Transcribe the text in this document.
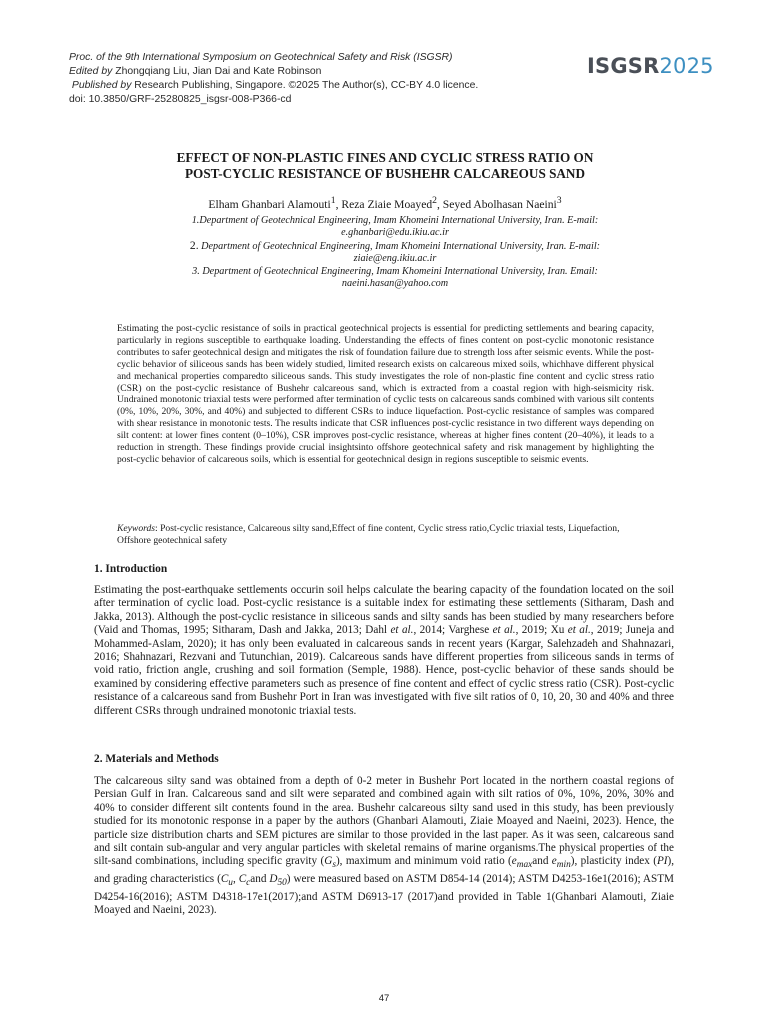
Proc. of the 9th International Symposium on Geotechnical Safety and Risk (ISGSR)
Edited by Zhongqiang Liu, Jian Dai and Kate Robinson
Published by Research Publishing, Singapore. ©2025 The Author(s), CC-BY 4.0 licence.
doi: 10.3850/GRF-25280825_isgsr-008-P366-cd
ISGSR2025
EFFECT OF NON-PLASTIC FINES AND CYCLIC STRESS RATIO ON
POST-CYCLIC RESISTANCE OF BUSHEHR CALCAREOUS SAND
Elham Ghanbari Alamouti$^1$, Reza Ziaie Moayed$^2$, Seyed Abolhasan Naeini$^3$
1.Department of Geotechnical Engineering, Imam Khomeini International University, Iran. E-mail:
e.ghanbari@edu.ikiu.ac.ir
2. Department of Geotechnical Engineering, Imam Khomeini International University, Iran. E-mail:
ziaie@eng.ikiu.ac.ir
3. Department of Geotechnical Engineering, Imam Khomeini International University, Iran. Email:
naeini.hasan@yahoo.com
Estimating the post-cyclic resistance of soils in practical geotechnical projects is essential for predicting settlements and bearing capacity, particularly in regions susceptible to earthquake loading. Understanding the effects of fines content on post-cyclic monotonic resistance contributes to safer geotechnical design and mitigates the risk of foundation failure due to strength loss after seismic events. While the post-cyclic behavior of siliceous sands has been widely studied, limited research exists on calcareous mixed soils, whichhave different physical and mechanical properties comparedto siliceous sands. This study investigates the role of non-plastic fine content and cyclic stress ratio (CSR) on the post-cyclic resistance of Bushehr calcareous sand, which is extracted from a coastal region with high-seismicity risk. Undrained monotonic triaxial tests were performed after termination of cyclic tests on calcareous sands combined with various silt contents (0%, 10%, 20%, 30%, and 40%) and subjected to different CSRs to induce liquefaction. Post-cyclic resistance of samples was compared with shear resistance in monotonic tests. The results indicate that CSR influences post-cyclic resistance in two different ways depending on silt content: at lower fines content (0–10%), CSR improves post-cyclic resistance, whereas at higher fines content (20–40%), it leads to a reduction in strength. These findings provide crucial insightsinto offshore geotechnical safety and risk management by highlighting the post-cyclic behavior of calcareous soils, which is essential for geotechnical design in regions susceptible to seismic events.
Keywords: Post-cyclic resistance, Calcareous silty sand,Effect of fine content, Cyclic stress ratio,Cyclic triaxial tests, Liquefaction, Offshore geotechnical safety
1. Introduction
Estimating the post-earthquake settlements occurin soil helps calculate the bearing capacity of the foundation located on the soil after termination of cyclic load. Post-cyclic resistance is a suitable index for estimating these settlements (Sitharam, Dash and Jakka, 2013). Although the post-cyclic resistance in siliceous sands and silty sands has been studied by many researchers before (Vaid and Thomas, 1995; Sitharam, Dash and Jakka, 2013; Dahl et al., 2014; Varghese et al., 2019; Xu et al., 2019; Juneja and Mohammed-Aslam, 2020); it has only been evaluated in calcareous sands in recent years (Kargar, Salehzadeh and Shahnazari, 2016; Shahnazari, Rezvani and Tutunchian, 2019). Calcareous sands have different properties from siliceous sands in terms of void ratio, friction angle, crushing and soil formation (Semple, 1988). Hence, post-cyclic behavior of these sands should be examined by considering effective parameters such as presence of fine content and effect of cyclic stress ratio (CSR). Post-cyclic resistance of a calcareous sand from Bushehr Port in Iran was investigated with five silt ratios of 0, 10, 20, 30 and 40% and three different CSRs through undrained monotonic triaxial tests.
2. Materials and Methods
The calcareous silty sand was obtained from a depth of 0-2 meter in Bushehr Port located in the northern coastal regions of Persian Gulf in Iran. Calcareous sand and silt were separated and combined again with silt ratios of 0%, 10%, 20%, 30% and 40% to consider different silt contents found in the area. Bushehr calcareous silty sand used in this study, has been previously studied for its monotonic response in a paper by the authors (Ghanbari Alamouti, Ziaie Moayed and Naeini, 2023). Hence, the particle size distribution charts and SEM pictures are similar to those provided in the last paper. As it was seen, calcareous sand and silt contain sub-angular and very angular particles with skeletal remains of marine organisms.The physical properties of the silt-sand combinations, including specific gravity $(G_s)$, maximum and minimum void ratio ($e_{max}and$ $e_{min}$), plasticity index (PI), and grading characteristics ($C_u$, $C_cand$ $D_{50}$) were measured based on ASTM D854-14 (2014); ASTM D4253-16e1(2016); ASTM D4254-16(2016); ASTM D4318-17e1(2017);and ASTM D6913-17 (2017)and provided in Table 1(Ghanbari Alamouti, Ziaie Moayed and Naeini, 2023).
47
